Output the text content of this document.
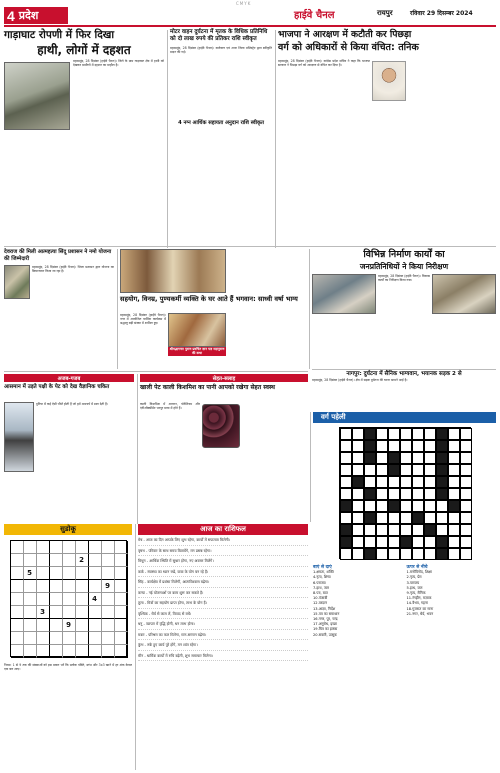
CMYK
4 प्रदेश	हाईवे चैनल	रायपुर	रविवार 29 दिसम्बर 2024
गाड़ाघाट रोपणी में फिर दिखा
हाथी, लोगों में दहशत

महासमुंद, 28 दिसंबर (हाईवे चैनल)। जिले के ग्राम गाड़ाघाट क्षेत्र में हाथी को देखकर ग्रामीणों में दहशत का माहौल है।

मोटर वाहन दुर्घटना में मृतक के विधिक प्रतिनिधि को दो लाख रुपये की प्रतिकर राशि स्वीकृत

महासमुंद, 28 दिसंबर (हाईवे चैनल)। कलेक्टर एवं अपर जिला मजिस्ट्रेट द्वारा स्वीकृति प्रदान की गई।

4 नग्न आर्थिक सहायता अनुदान राशि स्वीकृत
भाजपा ने आरक्षण में कटौती कर पिछड़ा
वर्ग को अधिकारों से किया वंचित: तनिक

महासमुंद, 28 दिसंबर (हाईवे चैनल)। कांग्रेस प्रदेश सचिव ने कहा कि भाजपा सरकार ने पिछड़ा वर्ग को आरक्षण से वंचित कर दिया है।

देवराज की मिली आत्महत्या सिंदू प्रशासन ने नमो योजना की जिम्मेदारी

महासमुंद, 28 दिसंबर (हाईवे चैनल)। जिला प्रशासन द्वारा योजना का क्रियान्वयन किया जा रहा है।

सहयोग, विनम्र, पुण्यकर्मी व्यक्ति के घर आते हैं भगवान: साध्वी वर्षा भाग्य
श्रीमद्भागवत पुराण प्रवचित ज्ञान यज्ञ महापुराण की कथा

महासमुंद, 28 दिसंबर (हाईवे चैनल)। नगर में आयोजित धार्मिक कार्यक्रम में श्रद्धालु बड़ी संख्या में शामिल हुए।

विभिन्न निर्माण कार्यों का
जनप्रतिनिधियों ने किया निरीक्षण

महासमुंद, 28 दिसंबर (हाईवे चैनल)। विकास कार्यों का निरीक्षण किया गया।

नागपुर: दुर्घटना में सैनिक भाग्यवान, भयानक सड़क 2 से

महासमुंद, 28 दिसंबर (हाईवे चैनल)। क्षेत्र में सड़क दुर्घटना की घटना सामने आई है।

अजब-गजब
आसमान में उड़ते पक्षी के पेट को देख वैज्ञानिक चकित

दुनिया में कई ऐसी चीजें होती हैं जो हमें आश्चर्य में डाल देती हैं।

सेहत-सलाह
खाली पेट काली किशमिश का पानी आपको रखेगा सेहत स्वस्थ

काली किशमिश में आयरन, पोटेशियम और एंटीऑक्सीडेंट भरपूर मात्रा में होते हैं।

वर्ग पहेली
बाएं से दाएं
1.क्षमता, शक्ति
4.नृत्य, शिष्य
6.पराजय
7.हाथ, जल
8.पत्र, बात
10.पंजाबी
12.वरदान
13.आज्ञा, निर्देश
15.पत्र का समाधान
16.नगर, पुर, चन्द्र
17.अनुरोध, इच्छा
19.चित्र का इक्का
20.सवारी, उत्सुक
ऊपर से नीचे
1.मनोविनोद, शिक्षा
2.नृत्य, प्रेम
3.पराजय
5.हाथ, जल
9.नृत्य, सैनिक
11.रंगहीन, मज़ाक
14.वैभव, गहना
18.गुजरात का गाना
21.नगर, धैर्य, भवन
सुडोकू
2
5
9
4
3
9
नियम: 1 से 9 तक की संख्याओं को इस प्रकार भरें कि प्रत्येक पंक्ति, स्तंभ और 3x3 खाने में हर अंक केवल एक बार आए।
आज का राशिफल
मेष - आज का दिन आपके लिए शुभ रहेगा, कार्यों में सफलता मिलेगी।
वृषभ - परिवार के साथ समय बितायेंगे, मन प्रसन्न रहेगा।
मिथुन - आर्थिक स्थिति में सुधार होगा, नए अवसर मिलेंगे।
कर्क - स्वास्थ्य का ध्यान रखें, यात्रा के योग बन रहे हैं।
सिंह - कार्यक्षेत्र में प्रशंसा मिलेगी, आत्मविश्वास बढ़ेगा।
कन्या - नई योजनाओं पर काम शुरू कर सकते हैं।
तुला - मित्रों का सहयोग प्राप्त होगा, लाभ के योग हैं।
वृश्चिक - धैर्य से काम लें, विवाद से बचें।
धनु - व्यापार में वृद्धि होगी, धन लाभ होगा।
मकर - परिश्रम का फल मिलेगा, मान-सम्मान बढ़ेगा।
कुंभ - रुके हुए कार्य पूरे होंगे, मन शांत रहेगा।
मीन - धार्मिक कार्यों में रुचि बढ़ेगी, शुभ समाचार मिलेगा।
